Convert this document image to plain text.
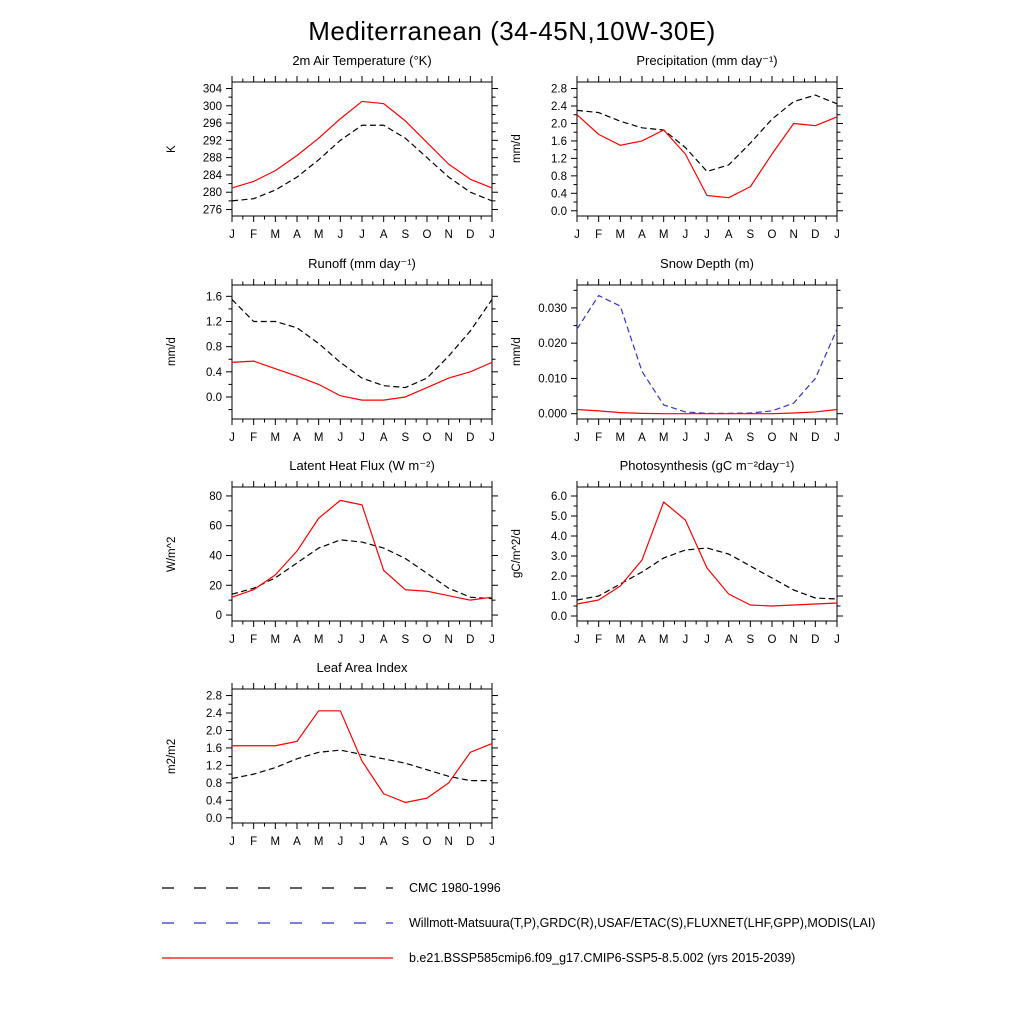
Mediterranean (34-45N,10W-30E)
2m Air Temperature (°K)
K
J F M A M J J A S O N D J
276
280
284
288
292
296
300
304
Precipitation (mm day⁻¹)
mm/d
J F M A M J J A S O N D J
0.0
0.4
0.8
1.2
1.6
2.0
2.4
2.8
Runoff (mm day⁻¹)
mm/d
J F M A M J J A S O N D J
0.0
0.4
0.8
1.2
1.6
Snow Depth (m)
mm/d
J F M A M J J A S O N D J
0.000
0.010
0.020
0.030
Latent Heat Flux (W m⁻²)
W/m^2
J F M A M J J A S O N D J
0
20
40
60
80
Photosynthesis (gC m⁻²day⁻¹)
gC/m^2/d
J F M A M J J A S O N D J
0.0
1.0
2.0
3.0
4.0
5.0
6.0
Leaf Area Index
m2/m2
J F M A M J J A S O N D J
0.0
0.4
0.8
1.2
1.6
2.0
2.4
2.8
CMC 1980-1996
Willmott-Matsuura(T,P),GRDC(R),USAF/ETAC(S),FLUXNET(LHF,GPP),MODIS(LAI)
b.e21.BSSP585cmip6.f09_g17.CMIP6-SSP5-8.5.002 (yrs 2015-2039)
